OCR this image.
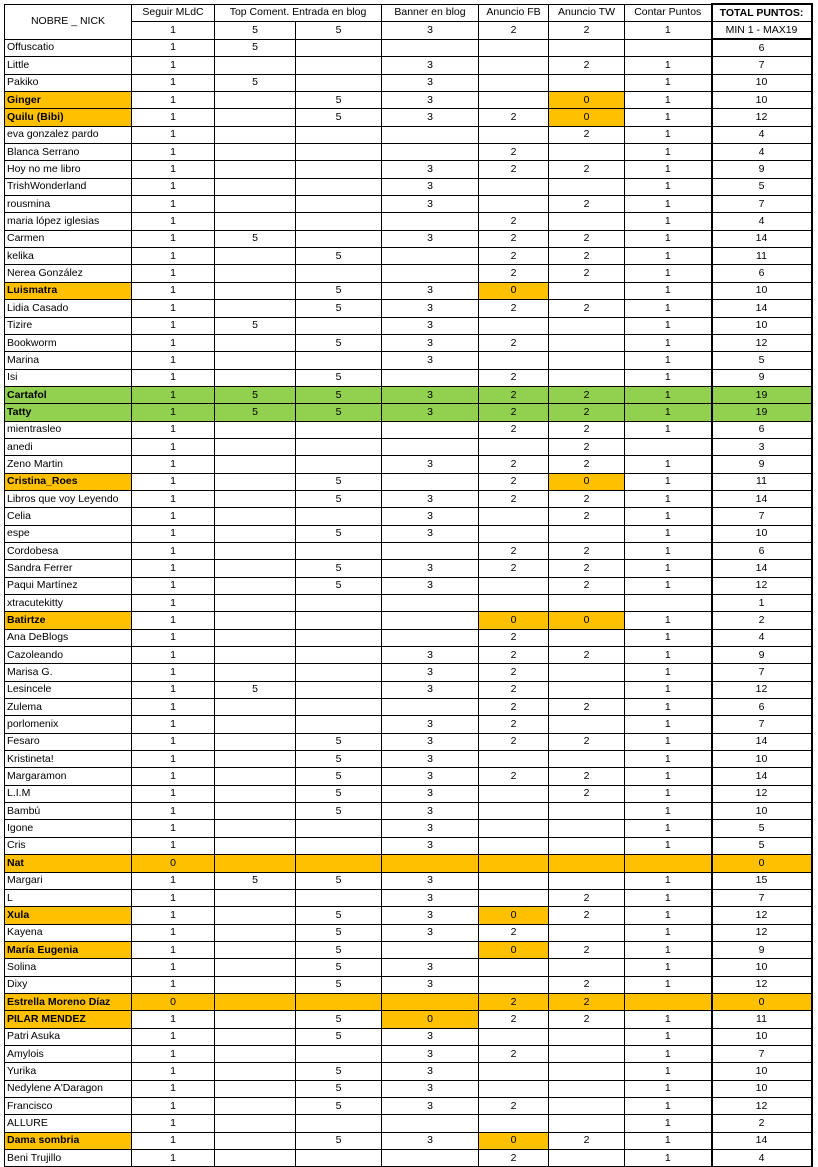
NOBRE _ NICK	Seguir MLdC	Top Coment. Entrada en blog		Banner en blog	Anuncio FB	Anuncio TW	Contar Puntos	TOTAL PUNTOS:
	1	5	5	3	2	2	1	MIN 1 - MAX19
Offuscatio	1	5						6
Little	1			3		2	1	7
Pakiko	1	5		3			1	10
Ginger	1		5	3		0	1	10
Quilu (Bibi)	1		5	3	2	0	1	12
eva gonzalez pardo	1					2	1	4
Blanca Serrano	1				2		1	4
Hoy no me libro	1			3	2	2	1	9
TrishWonderland	1			3			1	5
rousmina	1			3		2	1	7
maria lópez iglesias	1				2		1	4
Carmen	1	5		3	2	2	1	14
kelika	1		5		2	2	1	11
Nerea González	1				2	2	1	6
Luismatra	1		5	3	0		1	10
Lidia Casado	1		5	3	2	2	1	14
Tizire	1	5		3			1	10
Bookworm	1		5	3	2		1	12
Marina	1			3			1	5
Isi	1		5		2		1	9
Cartafol	1	5	5	3	2	2	1	19
Tatty	1	5	5	3	2	2	1	19
mientrasleo	1				2	2	1	6
anedi	1					2		3
Zeno Martin	1			3	2	2	1	9
Cristina_Roes	1		5		2	0	1	11
Libros que voy Leyendo	1		5	3	2	2	1	14
Celia	1			3		2	1	7
espe	1		5	3			1	10
Cordobesa	1				2	2	1	6
Sandra Ferrer	1		5	3	2	2	1	14
Paqui Martínez	1		5	3		2	1	12
xtracutekitty	1							1
Batirtze	1				0	0	1	2
Ana DeBlogs	1				2		1	4
Cazoleando	1			3	2	2	1	9
Marisa G.	1			3	2		1	7
Lesincele	1	5		3	2		1	12
Zulema	1				2	2	1	6
porlomenix	1			3	2		1	7
Fesaro	1		5	3	2	2	1	14
Kristineta!	1		5	3			1	10
Margaramon	1		5	3	2	2	1	14
L.I.M	1		5	3		2	1	12
Bambú	1		5	3			1	10
Igone	1			3			1	5
Cris	1			3			1	5
Nat	0							0
Margari	1	5	5	3			1	15
L	1			3		2	1	7
Xula	1		5	3	0	2	1	12
Kayena	1		5	3	2		1	12
María Eugenia	1		5		0	2	1	9
Solina	1		5	3			1	10
Dixy	1		5	3		2	1	12
Estrella Moreno Díaz	0				2	2		0
PILAR MENDEZ	1		5	0	2	2	1	11
Patri Asuka	1		5	3			1	10
Amylois	1			3	2		1	7
Yurika	1		5	3			1	10
Nedylene A'Daragon	1		5	3			1	10
Francisco	1		5	3	2		1	12
ALLURE	1						1	2
Dama sombria	1		5	3	0	2	1	14
Beni Trujillo	1				2		1	4
